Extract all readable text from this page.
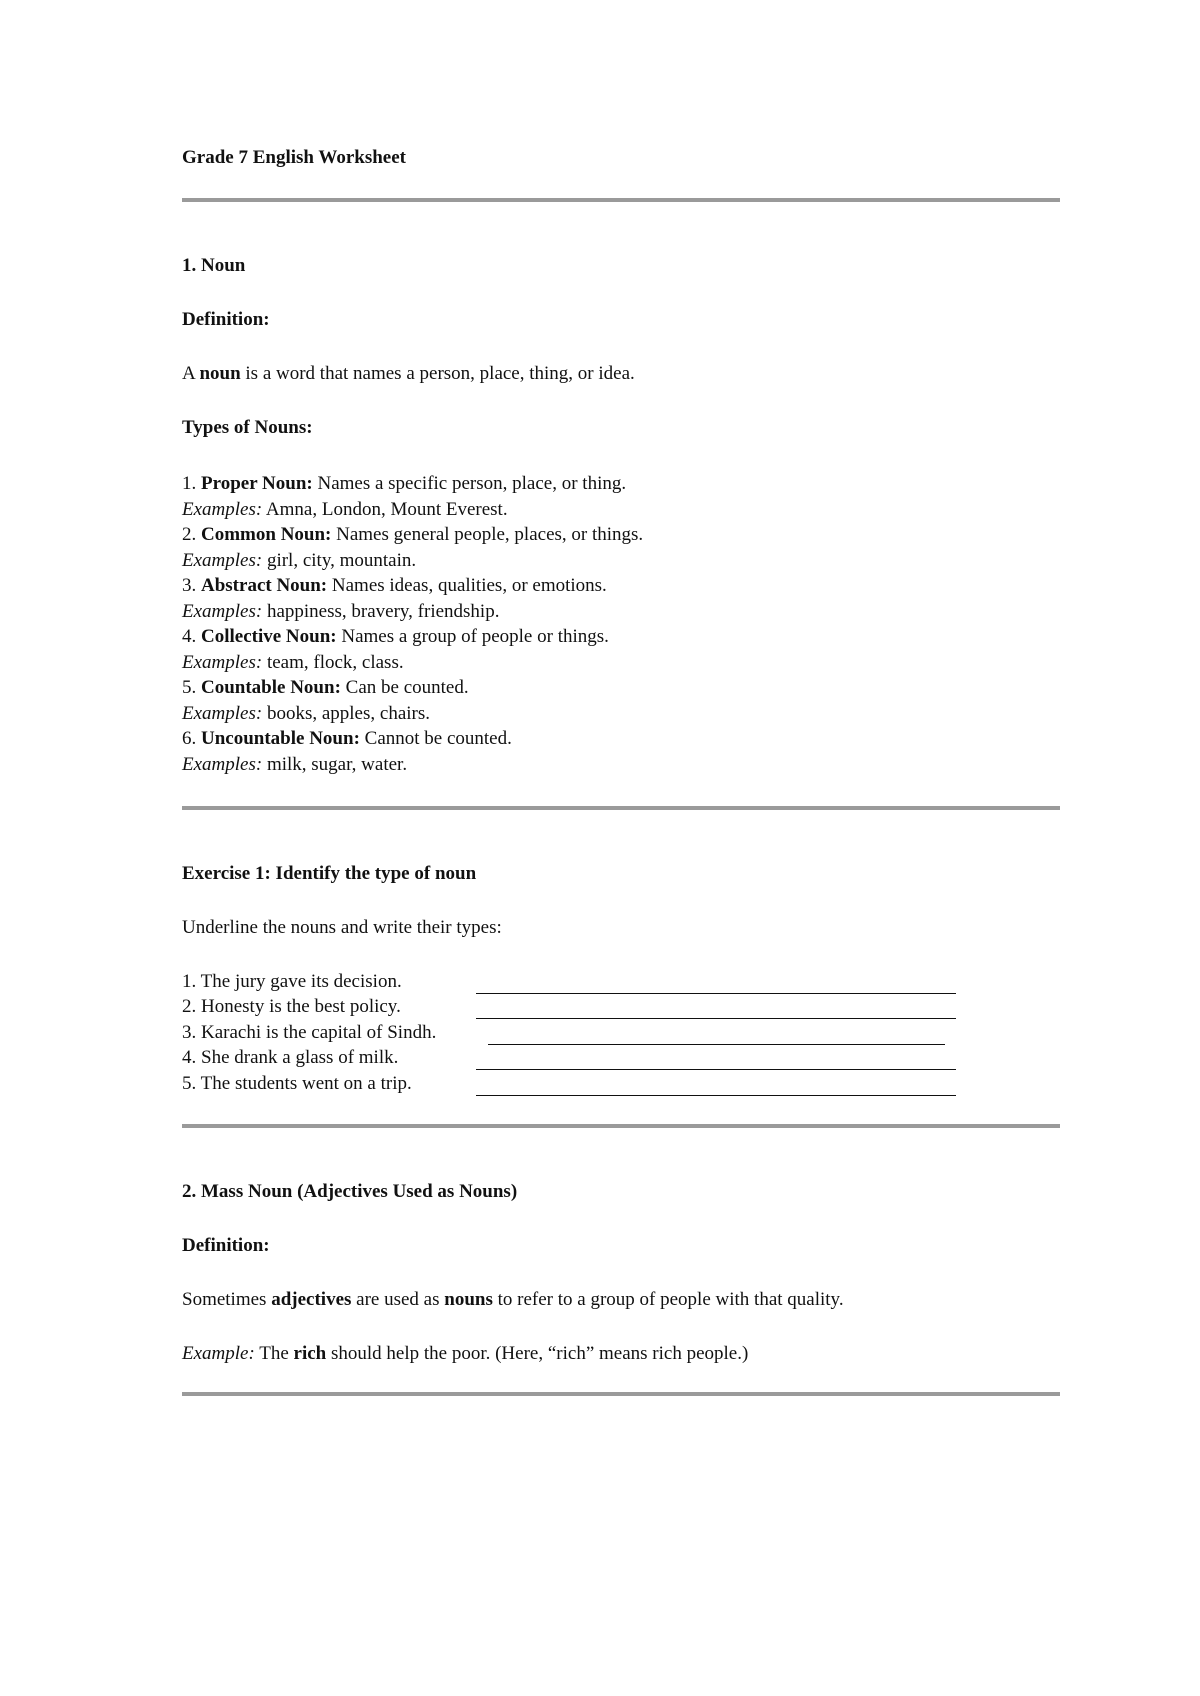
Grade 7 English Worksheet
1. Noun
Definition:
A noun is a word that names a person, place, thing, or idea.
Types of Nouns:
1. Proper Noun: Names a specific person, place, or thing.
Examples: Amna, London, Mount Everest.
2. Common Noun: Names general people, places, or things.
Examples: girl, city, mountain.
3. Abstract Noun: Names ideas, qualities, or emotions.
Examples: happiness, bravery, friendship.
4. Collective Noun: Names a group of people or things.
Examples: team, flock, class.
5. Countable Noun: Can be counted.
Examples: books, apples, chairs.
6. Uncountable Noun: Cannot be counted.
Examples: milk, sugar, water.
Exercise 1: Identify the type of noun
Underline the nouns and write their types:
1. The jury gave its decision.
2. Honesty is the best policy.
3. Karachi is the capital of Sindh.
4. She drank a glass of milk.
5. The students went on a trip.
2. Mass Noun (Adjectives Used as Nouns)
Definition:
Sometimes adjectives are used as nouns to refer to a group of people with that quality.
Example: The rich should help the poor. (Here, “rich” means rich people.)
